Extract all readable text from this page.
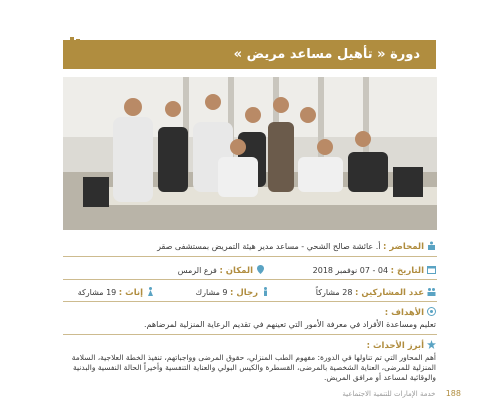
دورة « تأهيل مساعد مريض »
المحاضر : أ. عائشة صالح الشحي - مساعد مدير هيئة التمريض بمستشفى صقر
التاريخ : 04 - 07 نوفمبر 2018
المكان : فرع الرمس
عدد المشاركين : 28 مشاركاً
رجال : 9 مشارك
إناث : 19 مشاركة
الأهداف :
تعليم ومساعدة الأفراد في معرفة الأمور التي تعينهم في تقديم الرعاية المنزلية لمرضاهم.
أبرز الأحداث :
أهم المحاور التي تم تناولها في الدورة: مفهوم الطب المنزلي، حقوق المرضى وواجباتهم، تنفيذ الخطة العلاجية، السلامة المنزلية للمرضى، العناية الشخصية بالمرضى، القسطرة والكيس البولي والعناية التنفسية وأخيراً الحالة النفسية والبدنية والوقائية لمساعد أو مرافق المريض.
188 خدمة الإمارات للتنمية الاجتماعية
